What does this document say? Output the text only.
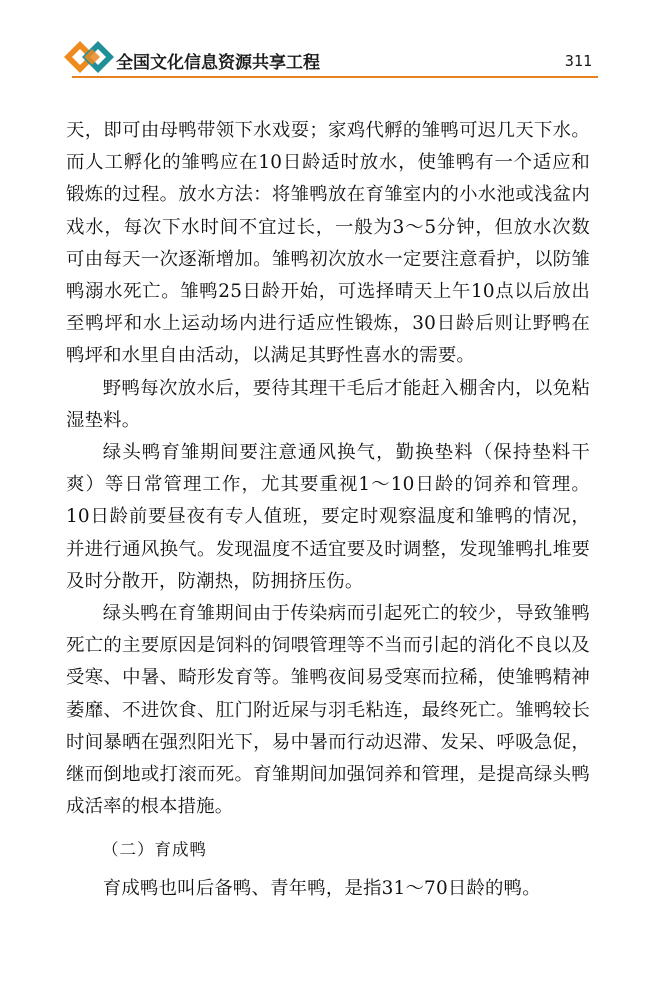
全国文化信息资源共享工程	311

天，即可由母鸭带领下水戏耍；家鸡代孵的雏鸭可迟几天下水。而人工孵化的雏鸭应在10日龄适时放水，使雏鸭有一个适应和锻炼的过程。放水方法：将雏鸭放在育雏室内的小水池或浅盆内戏水，每次下水时间不宜过长，一般为3～5分钟，但放水次数可由每天一次逐渐增加。雏鸭初次放水一定要注意看护，以防雏鸭溺水死亡。雏鸭25日龄开始，可选择晴天上午10点以后放出至鸭坪和水上运动场内进行适应性锻炼，30日龄后则让野鸭在鸭坪和水里自由活动，以满足其野性喜水的需要。

野鸭每次放水后，要待其理干毛后才能赶入棚舍内，以免粘湿垫料。

绿头鸭育雏期间要注意通风换气，勤换垫料（保持垫料干爽）等日常管理工作，尤其要重视1～10日龄的饲养和管理。10日龄前要昼夜有专人值班，要定时观察温度和雏鸭的情况，并进行通风换气。发现温度不适宜要及时调整，发现雏鸭扎堆要及时分散开，防潮热，防拥挤压伤。

绿头鸭在育雏期间由于传染病而引起死亡的较少，导致雏鸭死亡的主要原因是饲料的饲喂管理等不当而引起的消化不良以及受寒、中暑、畸形发育等。雏鸭夜间易受寒而拉稀，使雏鸭精神萎靡、不进饮食、肛门附近屎与羽毛粘连，最终死亡。雏鸭较长时间暴晒在强烈阳光下，易中暑而行动迟滞、发呆、呼吸急促，继而倒地或打滚而死。育雏期间加强饲养和管理，是提高绿头鸭成活率的根本措施。

（二）育成鸭

育成鸭也叫后备鸭、青年鸭，是指31～70日龄的鸭。
